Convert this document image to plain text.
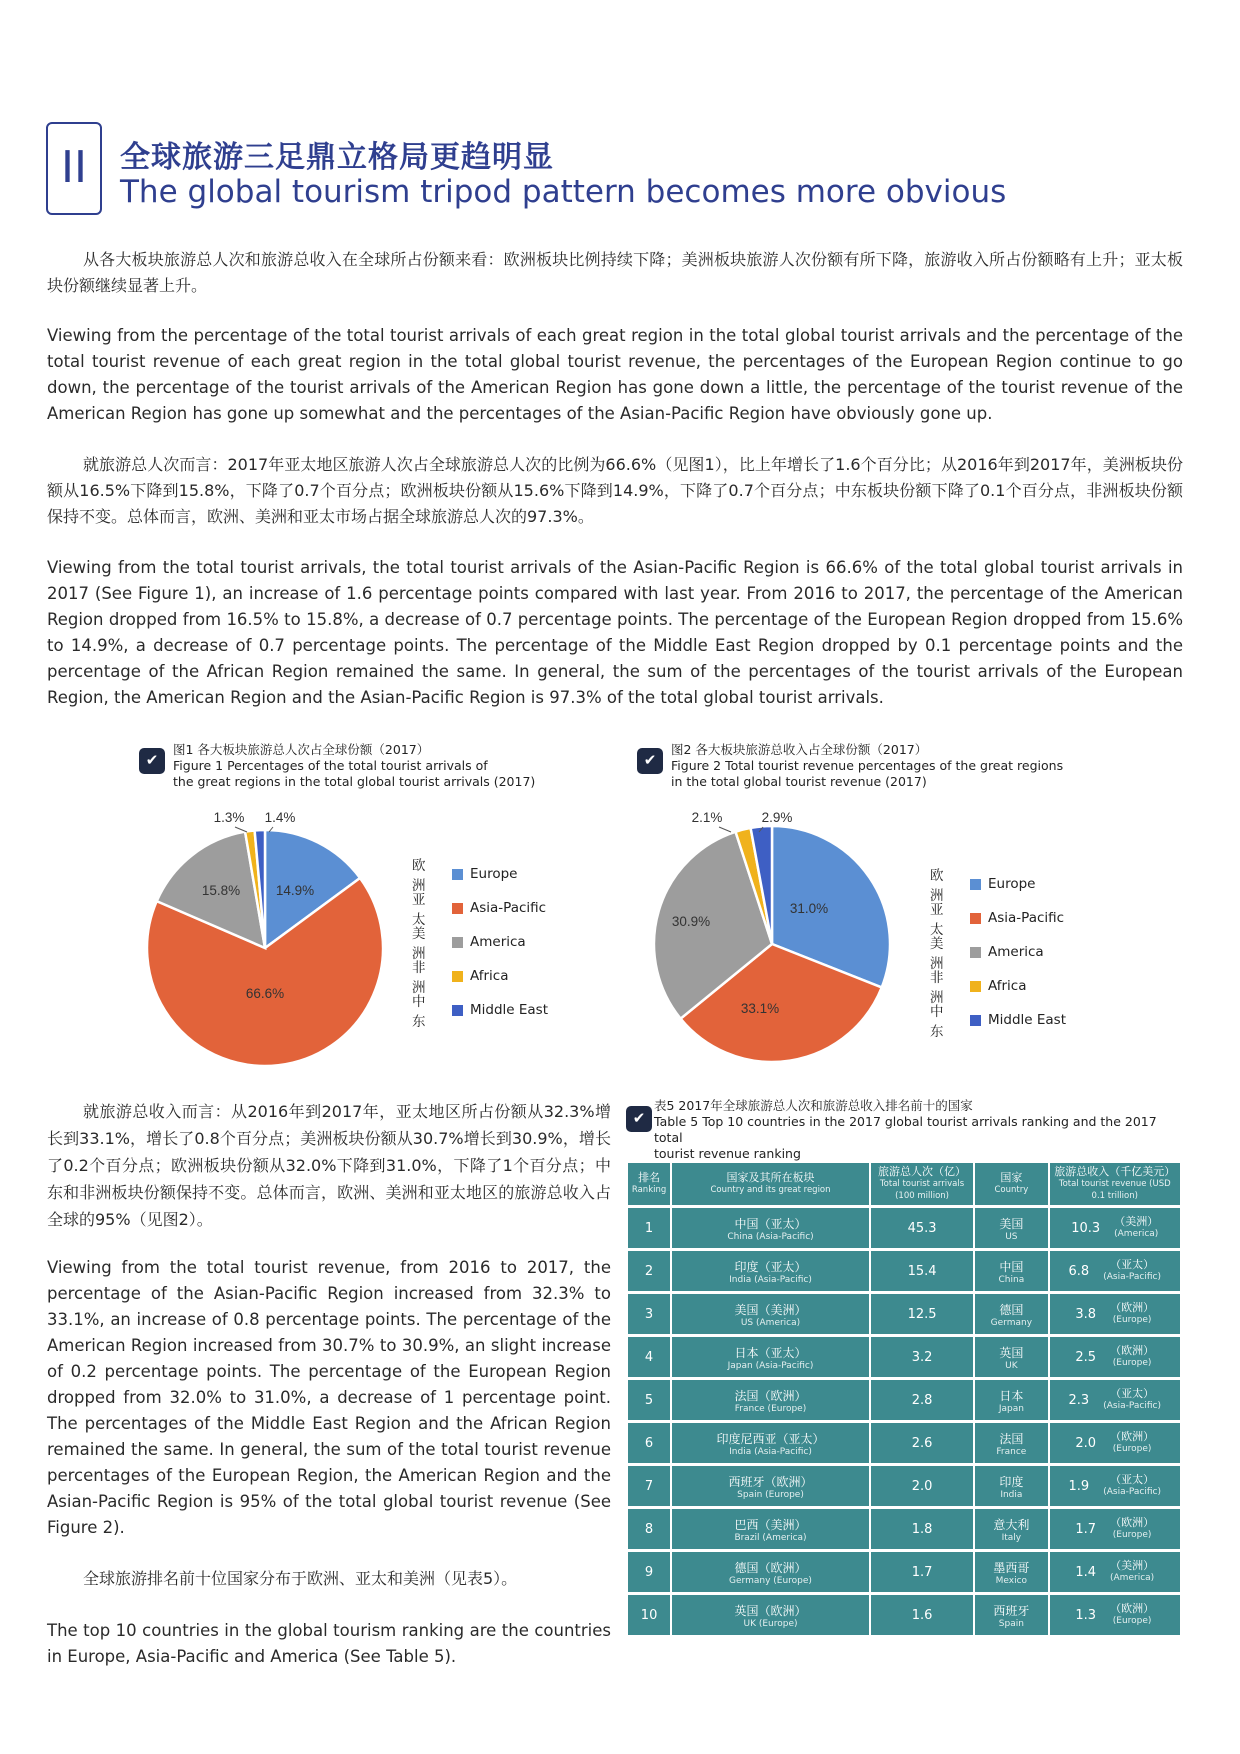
II	全球旅游三足鼎立格局更趋明显
The global tourism tripod pattern becomes more obvious

从各大板块旅游总人次和旅游总收入在全球所占份额来看：欧洲板块比例持续下降；美洲板块旅游人次份额有所下降，旅游收入所占份额略有上升；亚太板块份额继续显著上升。

Viewing from the percentage of the total tourist arrivals of each great region in the total global tourist arrivals and the percentage of the total tourist revenue of each great region in the total global tourist revenue, the percentages of the European Region continue to go down, the percentage of the tourist arrivals of the American Region has gone down a little, the percentage of the tourist revenue of the American Region has gone up somewhat and the percentages of the Asian-Pacific Region have obviously gone up.

就旅游总人次而言：2017年亚太地区旅游人次占全球旅游总人次的比例为66.6%（见图1），比上年增长了1.6个百分比；从2016年到2017年，美洲板块份额从16.5%下降到15.8%，下降了0.7个百分点；欧洲板块份额从15.6%下降到14.9%，下降了0.7个百分点；中东板块份额下降了0.1个百分点，非洲板块份额保持不变。总体而言，欧洲、美洲和亚太市场占据全球旅游总人次的97.3%。

Viewing from the total tourist arrivals, the total tourist arrivals of the Asian-Pacific Region is 66.6% of the total global tourist arrivals in 2017 (See Figure 1), an increase of 1.6 percentage points compared with last year. From 2016 to 2017, the percentage of the American Region dropped from 16.5% to 15.8%, a decrease of 0.7 percentage points. The percentage of the European Region dropped from 15.6% to 14.9%, a decrease of 0.7 percentage points. The percentage of the Middle East Region dropped by 0.1 percentage points and the percentage of the African Region remained the same. In general, the sum of the percentages of the tourist arrivals of the European Region, the American Region and the Asian-Pacific Region is 97.3% of the total global tourist arrivals.

✔
图1 各大板块旅游总人次占全球份额（2017）
Figure 1 Percentages of the total tourist arrivals of
the great regions in the total global tourist arrivals (2017)
14.9%
66.6%
15.8%
1.3% 1.4%
欧 洲
Europe
亚 太
Asia-Pacific
美 洲
America
非 洲
Africa
中 东
Middle East
✔
图2 各大板块旅游总收入占全球份额（2017）
Figure 2 Total tourist revenue percentages of the great regions
in the total global tourist revenue (2017)
31.0%
33.1%
30.9%
2.1%	2.9%
欧 洲
Europe
亚 太
Asia-Pacific
美 洲
America
非 洲
Africa
中 东
Middle East

就旅游总收入而言：从2016年到2017年，亚太地区所占份额从32.3%增长到33.1%，增长了0.8个百分点；美洲板块份额从30.7%增长到30.9%，增长了0.2个百分点；欧洲板块份额从32.0%下降到31.0%，下降了1个百分点；中东和非洲板块份额保持不变。总体而言，欧洲、美洲和亚太地区的旅游总收入占全球的95%（见图2）。

Viewing from the total tourist revenue, from 2016 to 2017, the percentage of the Asian-Pacific Region increased from 32.3% to 33.1%, an increase of 0.8 percentage points. The percentage of the American Region increased from 30.7% to 30.9%, an slight increase of 0.2 percentage points. The percentage of the European Region dropped from 32.0% to 31.0%, a decrease of 1 percentage point. The percentages of the Middle East Region and the African Region remained the same. In general, the sum of the total tourist revenue percentages of the European Region, the American Region and the Asian-Pacific Region is 95% of the total global tourist revenue (See Figure 2).

全球旅游排名前十位国家分布于欧洲、亚太和美洲（见表5）。

The top 10 countries in the global tourism ranking are the countries in Europe, Asia-Pacific and America (See Table 5).

✔
表5 2017年全球旅游总人次和旅游总收入排名前十的国家
Table 5 Top 10 countries in the 2017 global tourist arrivals ranking and the 2017 total
tourist revenue ranking
排名
Ranking	国家及其所在板块
Country and its great region	旅游总人次（亿）
Total tourist arrivals (100 million)	国家
Country	旅游总收入（千亿美元）
Total tourist revenue (USD 0.1 trillion)

1	中国（亚太）
China (Asia-Pacific)	45.3	美国
US	10.3 （美洲）
(America)

2	印度（亚太）
India (Asia-Pacific)	15.4	中国
China	6.8 （亚太）
(Asia-Pacific)

3	美国（美洲）
US (America)	12.5	德国
Germany	3.8 （欧洲）
(Europe)

4	日本（亚太）
Japan (Asia-Pacific)	3.2	英国
UK	2.5 （欧洲）
(Europe)

5	法国（欧洲）
France (Europe)	2.8	日本
Japan	2.3 （亚太）
(Asia-Pacific)

6	印度尼西亚（亚太）
India (Asia-Pacific)	2.6	法国
France	2.0 （欧洲）
(Europe)

7	西班牙（欧洲）
Spain (Europe)	2.0	印度
India	1.9 （亚太）
(Asia-Pacific)

8	巴西（美洲）
Brazil (America)	1.8	意大利
Italy	1.7 （欧洲）
(Europe)

9	德国（欧洲）
Germany (Europe)	1.7	墨西哥
Mexico	1.4 （美洲）
(America)

10	英国（欧洲）
UK (Europe)	1.6	西班牙
Spain	1.3 （欧洲）
(Europe)
